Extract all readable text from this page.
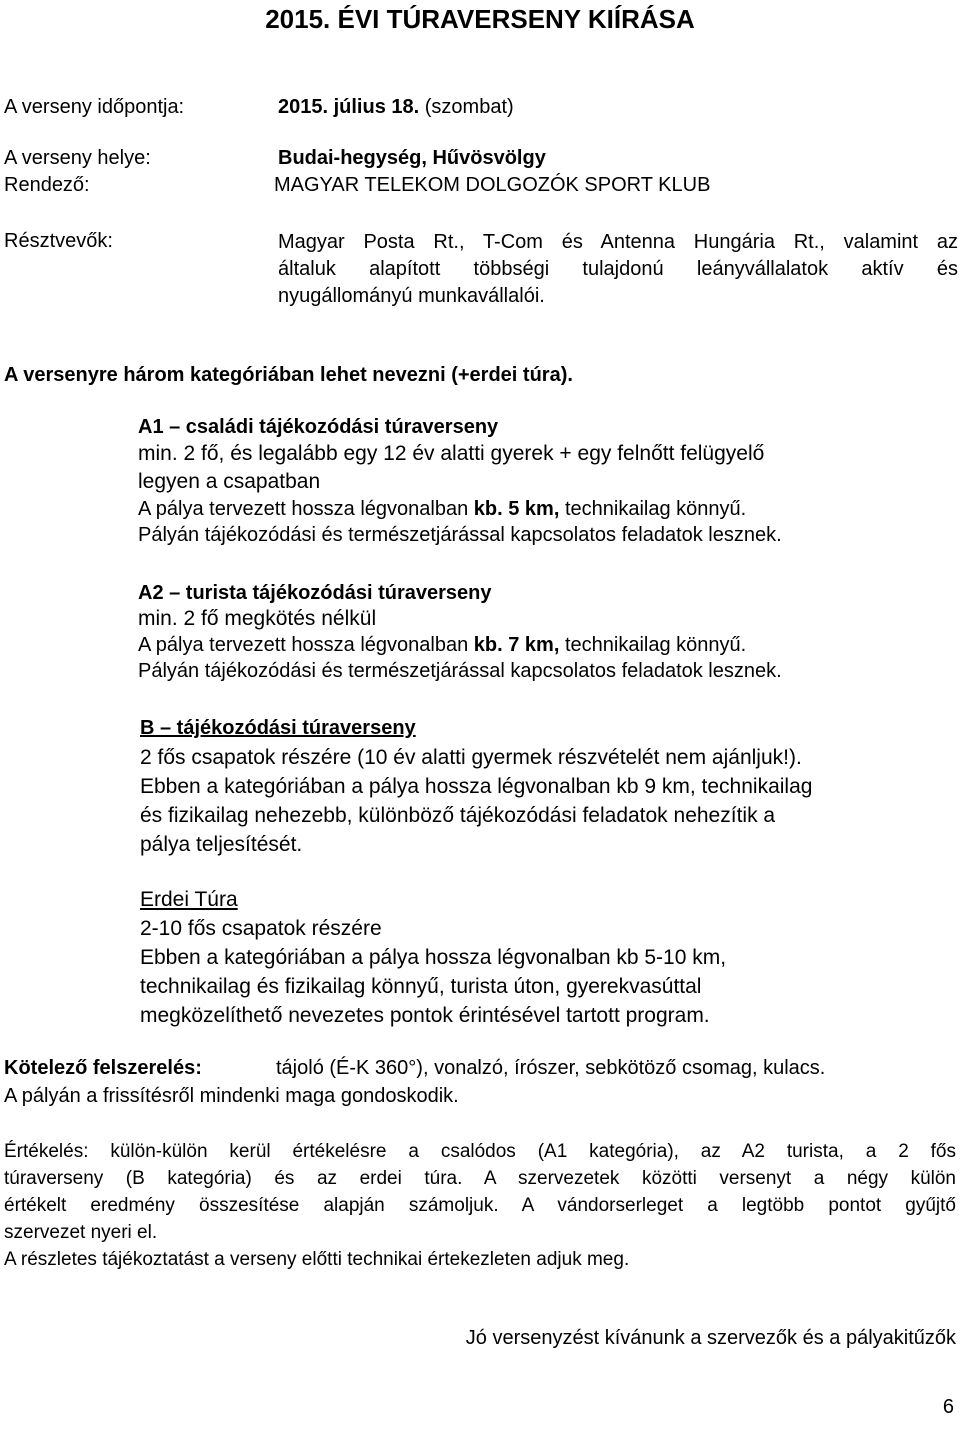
2015. ÉVI TÚRAVERSENY KIÍRÁSA
A verseny időpontja:	2015. július 18. (szombat)
A verseny helye:	Budai-hegység, Hűvösvölgy
Rendező:	MAGYAR TELEKOM DOLGOZÓK SPORT KLUB
Résztvevők:	Magyar Posta Rt., T-Com és Antenna Hungária Rt., valamint az
általuk alapított többségi tulajdonú leányvállalatok aktív és
nyugállományú munkavállalói.
A versenyre három kategóriában lehet nevezni (+erdei túra).
A1 – családi tájékozódási túraverseny
min. 2 fő, és legalább egy 12 év alatti gyerek + egy felnőtt felügyelő
legyen a csapatban
A pálya tervezett hossza légvonalban kb. 5 km, technikailag könnyű.
Pályán tájékozódási és természetjárással kapcsolatos feladatok lesznek.
A2 – turista tájékozódási túraverseny
min. 2 fő megkötés nélkül
A pálya tervezett hossza légvonalban kb. 7 km, technikailag könnyű.
Pályán tájékozódási és természetjárással kapcsolatos feladatok lesznek.
B – tájékozódási túraverseny
2 fős csapatok részére (10 év alatti gyermek részvételét nem ajánljuk!).
Ebben a kategóriában a pálya hossza légvonalban kb 9 km, technikailag
és fizikailag nehezebb, különböző tájékozódási feladatok nehezítik a
pálya teljesítését.
Erdei Túra
2-10 fős csapatok részére
Ebben a kategóriában a pálya hossza légvonalban kb 5-10 km,
technikailag és fizikailag könnyű, turista úton, gyerekvasúttal
megközelíthető nevezetes pontok érintésével tartott program.
Kötelező felszerelés:	tájoló (É-K 360°), vonalzó, írószer, sebkötöző csomag, kulacs.
A pályán a frissítésről mindenki maga gondoskodik.
Értékelés: külön-külön kerül értékelésre a csalódos (A1 kategória), az A2 turista, a 2 fős
túraverseny (B kategória) és az erdei túra. A szervezetek közötti versenyt a négy külön
értékelt eredmény összesítése alapján számoljuk. A vándorserleget a legtöbb pontot gyűjtő
szervezet nyeri el.
A részletes tájékoztatást a verseny előtti technikai értekezleten adjuk meg.
Jó versenyzést kívánunk a szervezők és a pályakitűzők
6
